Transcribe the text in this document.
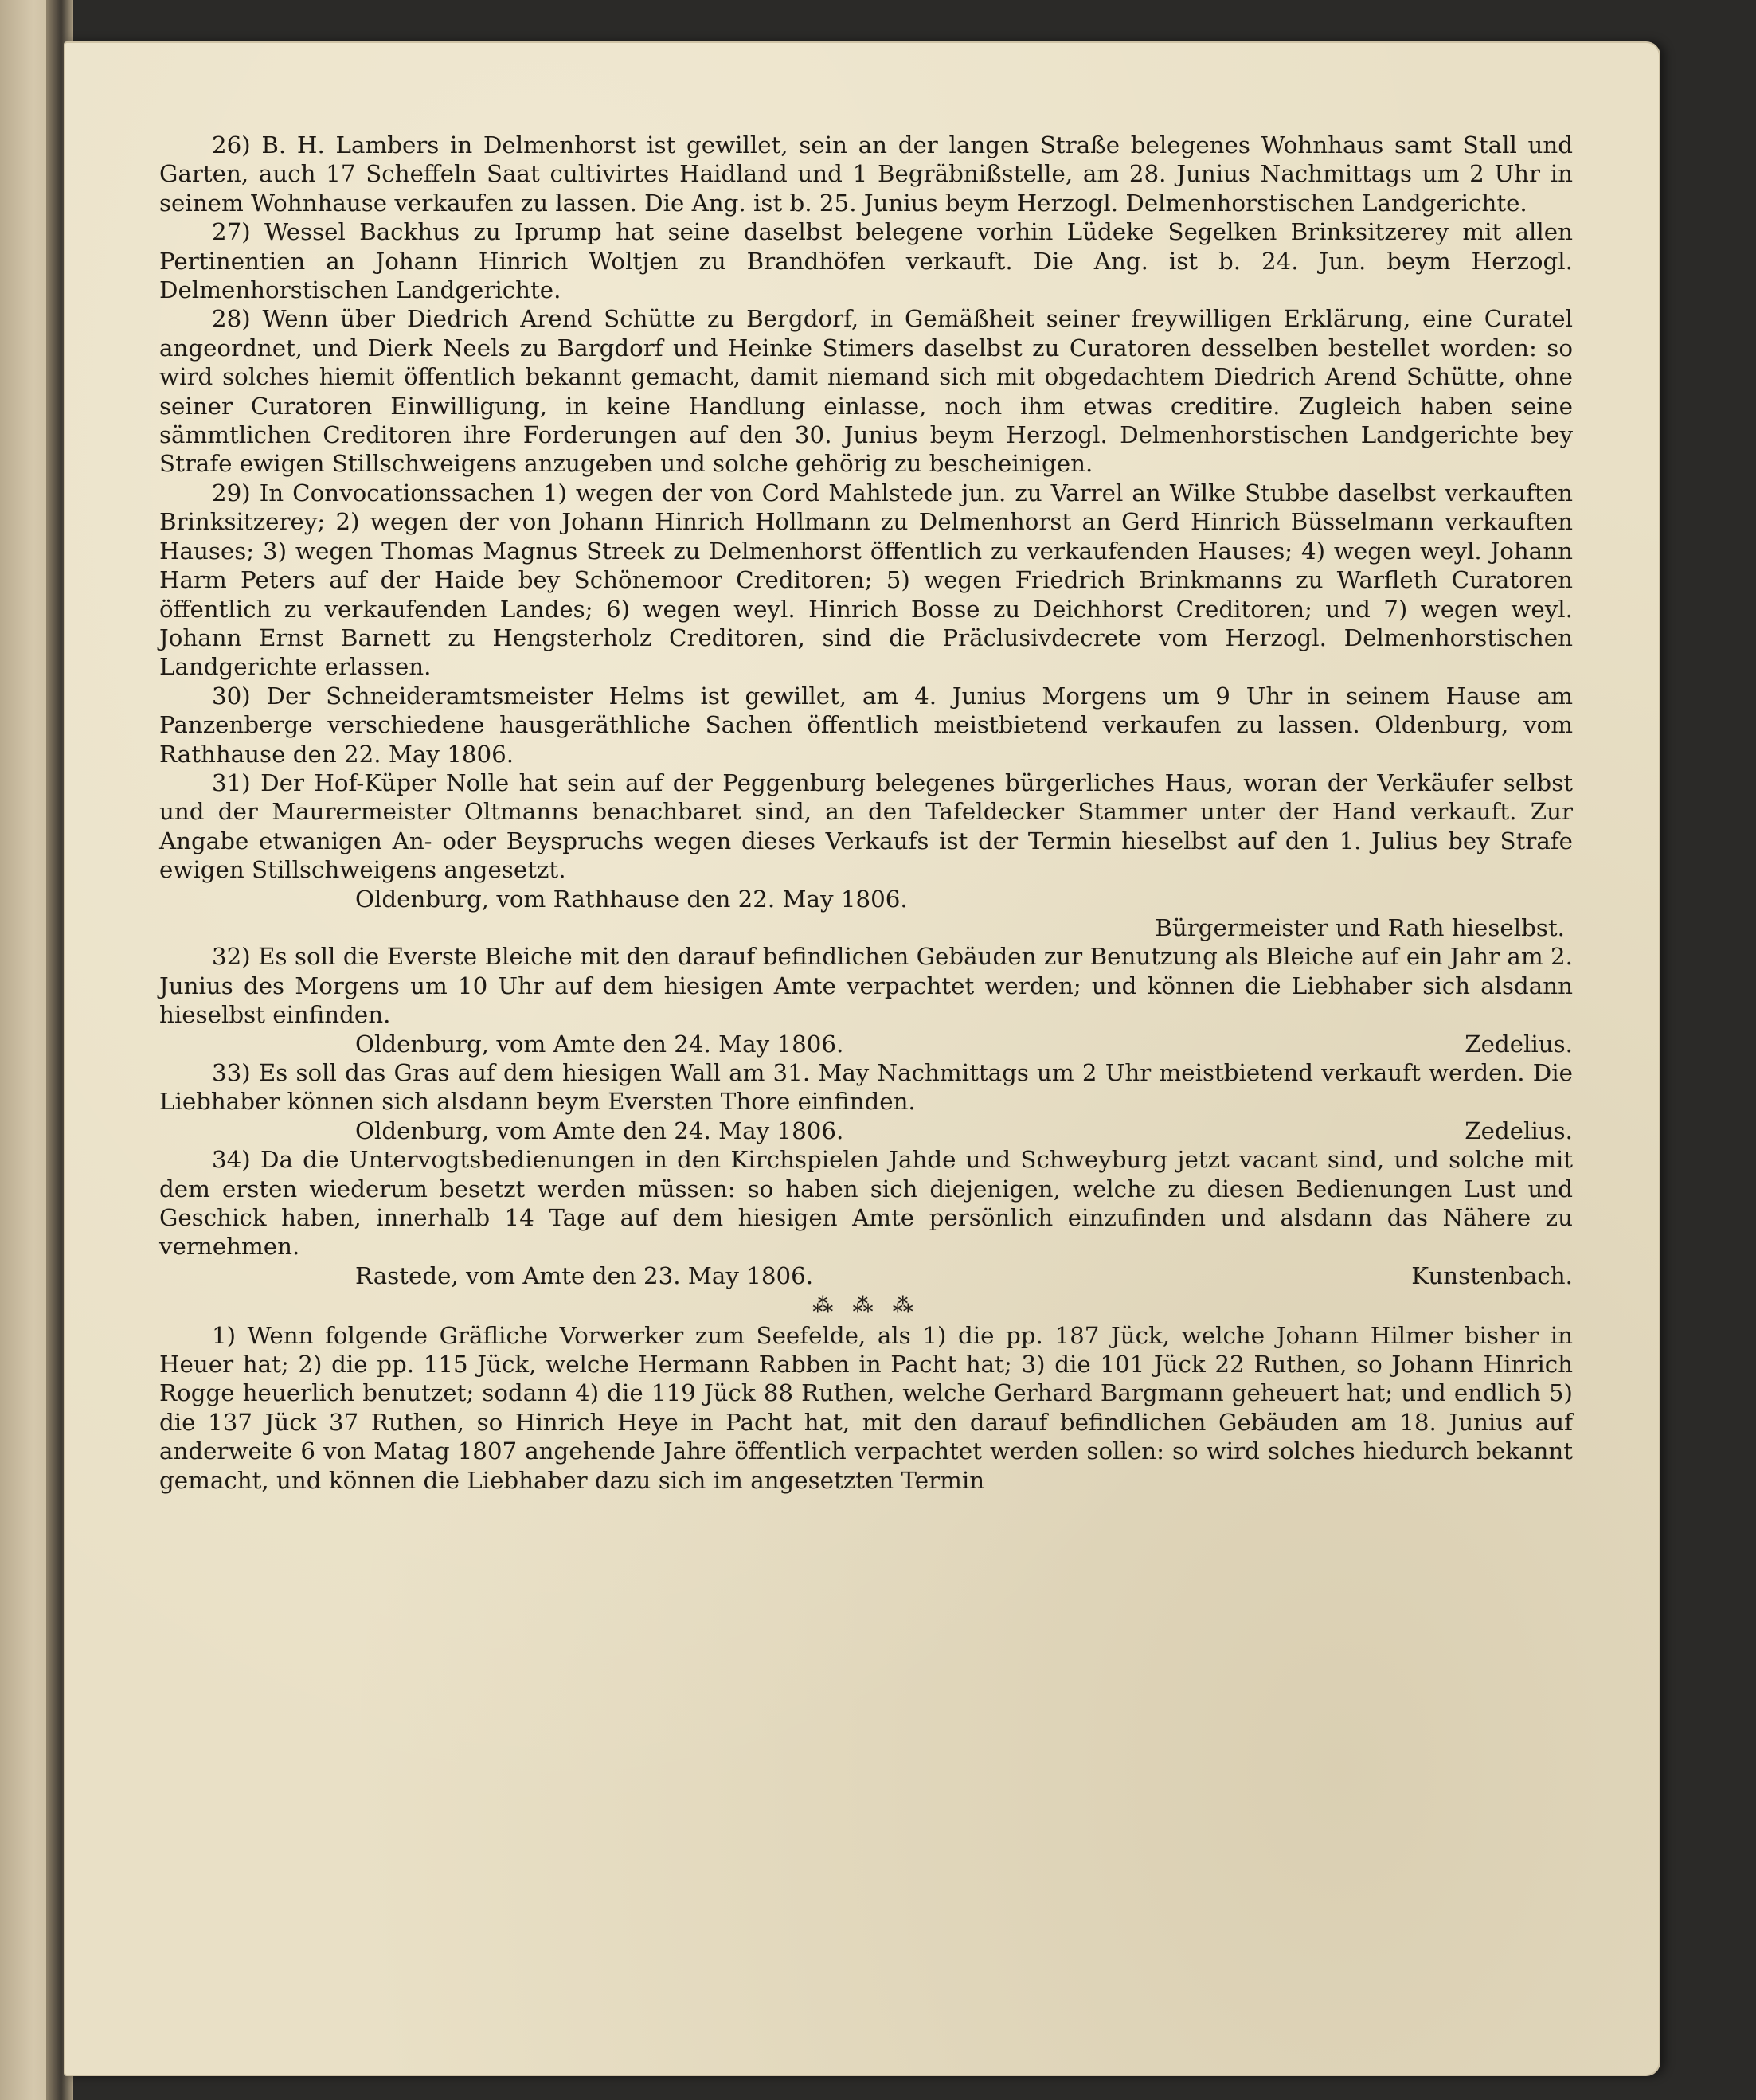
26) B. H. Lambers in Delmenhorst ist gewillet, sein an der langen Straße belegenes Wohnhaus samt Stall und Garten, auch 17 Scheffeln Saat cultivirtes Haidland und 1 Begräbnißstelle, am 28. Junius Nachmittags um 2 Uhr in seinem Wohnhause verkaufen zu lassen. Die Ang. ist b. 25. Junius beym Herzogl. Delmenhorstischen Landgerichte.

27) Wessel Backhus zu Iprump hat seine daselbst belegene vorhin Lüdeke Segelken Brinksitzerey mit allen Pertinentien an Johann Hinrich Woltjen zu Brandhöfen verkauft. Die Ang. ist b. 24. Jun. beym Herzogl. Delmenhorstischen Landgerichte.

28) Wenn über Diedrich Arend Schütte zu Bergdorf, in Gemäßheit seiner freywilligen Erklärung, eine Curatel angeordnet, und Dierk Neels zu Bargdorf und Heinke Stimers daselbst zu Curatoren desselben bestellet worden: so wird solches hiemit öffentlich bekannt gemacht, damit niemand sich mit obgedachtem Diedrich Arend Schütte, ohne seiner Curatoren Einwilligung, in keine Handlung einlasse, noch ihm etwas creditire. Zugleich haben seine sämmtlichen Creditoren ihre Forderungen auf den 30. Junius beym Herzogl. Delmenhorstischen Landgerichte bey Strafe ewigen Stillschweigens anzugeben und solche gehörig zu bescheinigen.

29) In Convocationssachen 1) wegen der von Cord Mahlstede jun. zu Varrel an Wilke Stubbe daselbst verkauften Brinksitzerey; 2) wegen der von Johann Hinrich Hollmann zu Delmenhorst an Gerd Hinrich Büsselmann verkauften Hauses; 3) wegen Thomas Magnus Streek zu Delmenhorst öffentlich zu verkaufenden Hauses; 4) wegen weyl. Johann Harm Peters auf der Haide bey Schönemoor Creditoren; 5) wegen Friedrich Brinkmanns zu Warfleth Curatoren öffentlich zu verkaufenden Landes; 6) wegen weyl. Hinrich Bosse zu Deichhorst Creditoren; und 7) wegen weyl. Johann Ernst Barnett zu Hengsterholz Creditoren, sind die Präclusivdecrete vom Herzogl. Delmenhorstischen Landgerichte erlassen.

30) Der Schneideramtsmeister Helms ist gewillet, am 4. Junius Morgens um 9 Uhr in seinem Hause am Panzenberge verschiedene hausgeräthliche Sachen öffentlich meistbietend verkaufen zu lassen. Oldenburg, vom Rathhause den 22. May 1806.

31) Der Hof-Küper Nolle hat sein auf der Peggenburg belegenes bürgerliches Haus, woran der Verkäufer selbst und der Maurermeister Oltmanns benachbaret sind, an den Tafeldecker Stammer unter der Hand verkauft. Zur Angabe etwanigen An- oder Beyspruchs wegen dieses Verkaufs ist der Termin hieselbst auf den 1. Julius bey Strafe ewigen Stillschweigens angesetzt.

Oldenburg, vom Rathhause den 22. May 1806.

Bürgermeister und Rath hieselbst.

32) Es soll die Everste Bleiche mit den darauf befindlichen Gebäuden zur Benutzung als Bleiche auf ein Jahr am 2. Junius des Morgens um 10 Uhr auf dem hiesigen Amte verpachtet werden; und können die Liebhaber sich alsdann hieselbst einfinden.

Oldenburg, vom Amte den 24. May 1806.	Zedelius.

33) Es soll das Gras auf dem hiesigen Wall am 31. May Nachmittags um 2 Uhr meistbietend verkauft werden. Die Liebhaber können sich alsdann beym Eversten Thore einfinden.

Oldenburg, vom Amte den 24. May 1806.	Zedelius.

34) Da die Untervogtsbedienungen in den Kirchspielen Jahde und Schweyburg jetzt vacant sind, und solche mit dem ersten wiederum besetzt werden müssen: so haben sich diejenigen, welche zu diesen Bedienungen Lust und Geschick haben, innerhalb 14 Tage auf dem hiesigen Amte persönlich einzufinden und alsdann das Nähere zu vernehmen.

Rastede, vom Amte den 23. May 1806.	Kunstenbach.

⁂ ⁂ ⁂

1) Wenn folgende Gräfliche Vorwerker zum Seefelde, als 1) die pp. 187 Jück, welche Johann Hilmer bisher in Heuer hat; 2) die pp. 115 Jück, welche Hermann Rabben in Pacht hat; 3) die 101 Jück 22 Ruthen, so Johann Hinrich Rogge heuerlich benutzet; sodann 4) die 119 Jück 88 Ruthen, welche Gerhard Bargmann geheuert hat; und endlich 5) die 137 Jück 37 Ruthen, so Hinrich Heye in Pacht hat, mit den darauf befindlichen Gebäuden am 18. Junius auf anderweite 6 von Matag 1807 angehende Jahre öffentlich verpachtet werden sollen: so wird solches hiedurch bekannt gemacht, und können die Liebhaber dazu sich im angesetzten Termin
